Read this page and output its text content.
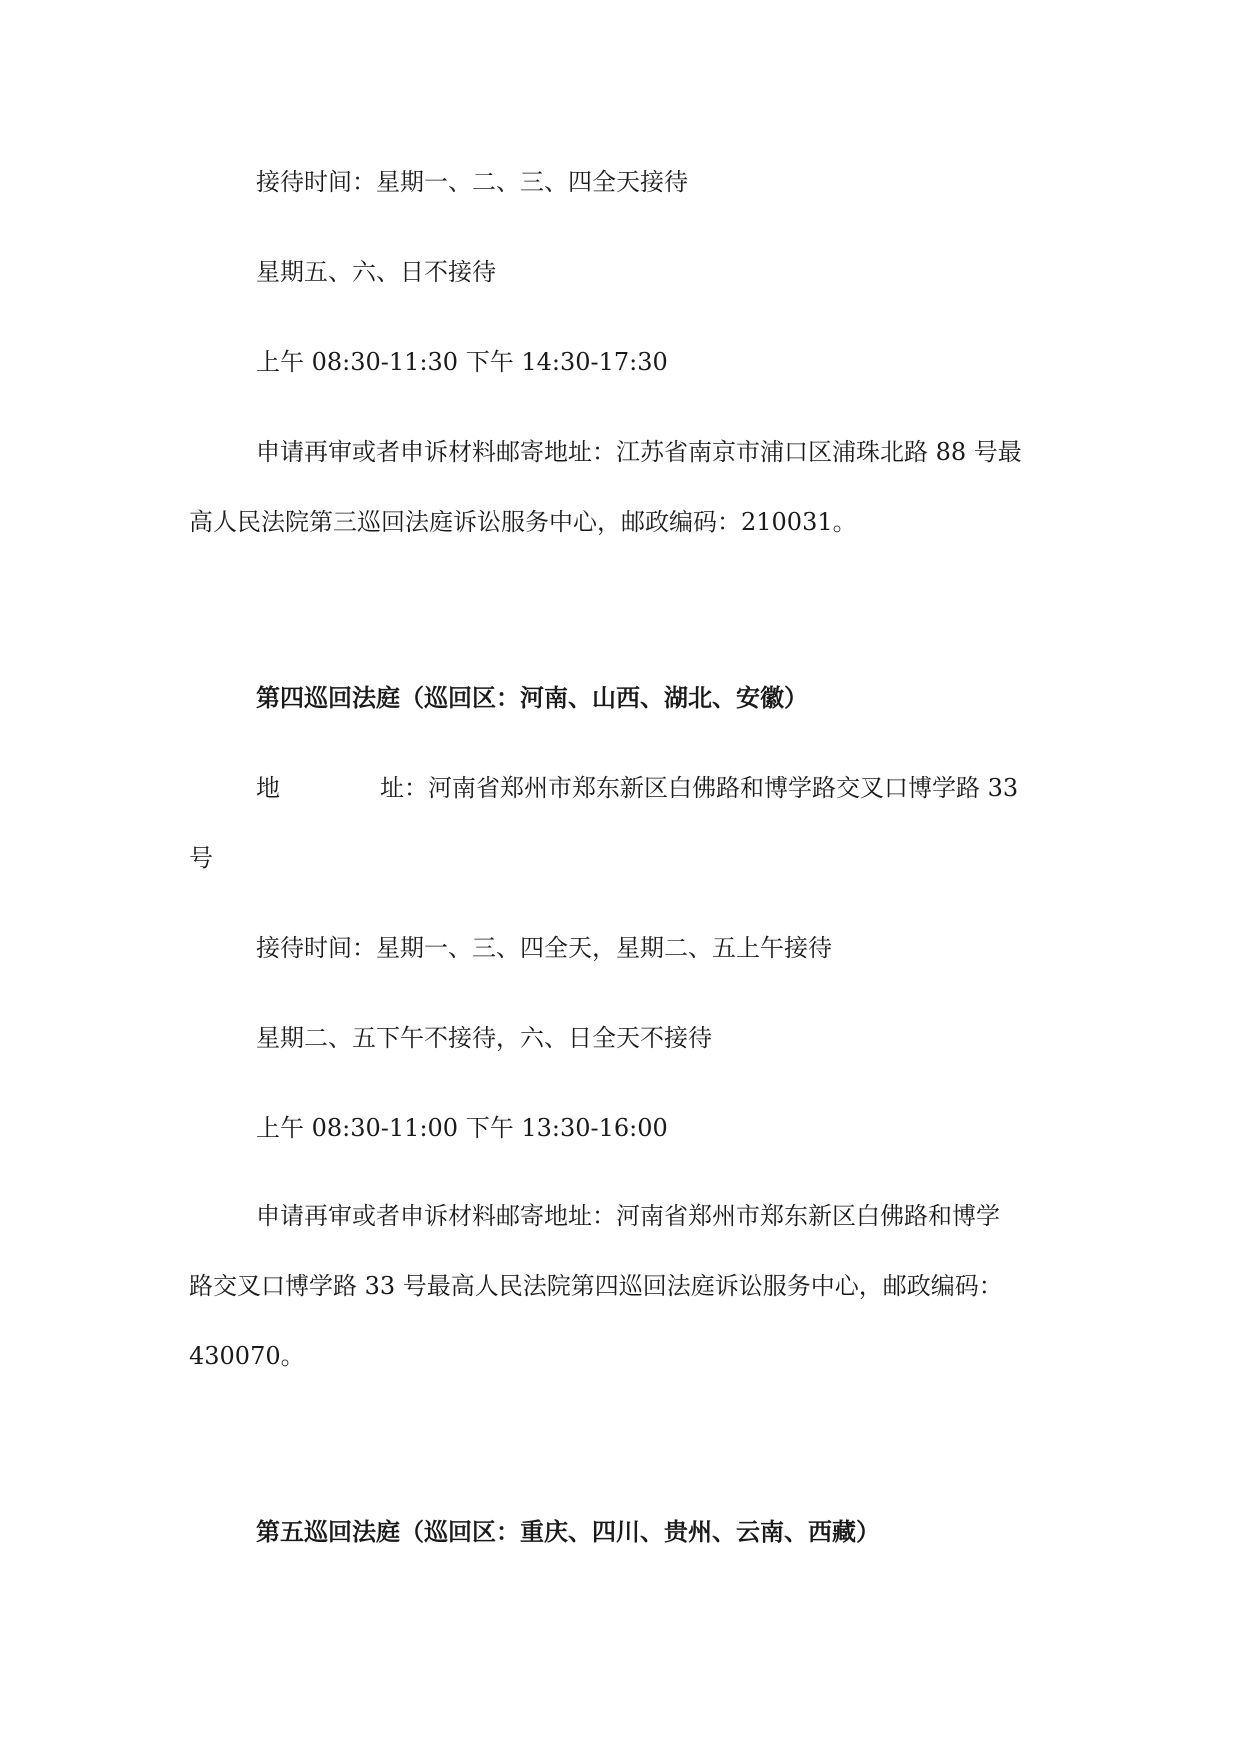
接待时间：星期一、二、三、四全天接待
星期五、六、日不接待
上午 08:30-11:30 下午 14:30-17:30
申请再审或者申诉材料邮寄地址：江苏省南京市浦口区浦珠北路 88 号最
高人民法院第三巡回法庭诉讼服务中心，邮政编码：210031。
第四巡回法庭（巡回区：河南、山西、湖北、安徽）
地	址：河南省郑州市郑东新区白佛路和博学路交叉口博学路 33
号
接待时间：星期一、三、四全天，星期二、五上午接待
星期二、五下午不接待，六、日全天不接待
上午 08:30-11:00 下午 13:30-16:00
申请再审或者申诉材料邮寄地址：河南省郑州市郑东新区白佛路和博学
路交叉口博学路 33 号最高人民法院第四巡回法庭诉讼服务中心，邮政编码：
430070。
第五巡回法庭（巡回区：重庆、四川、贵州、云南、西藏）
